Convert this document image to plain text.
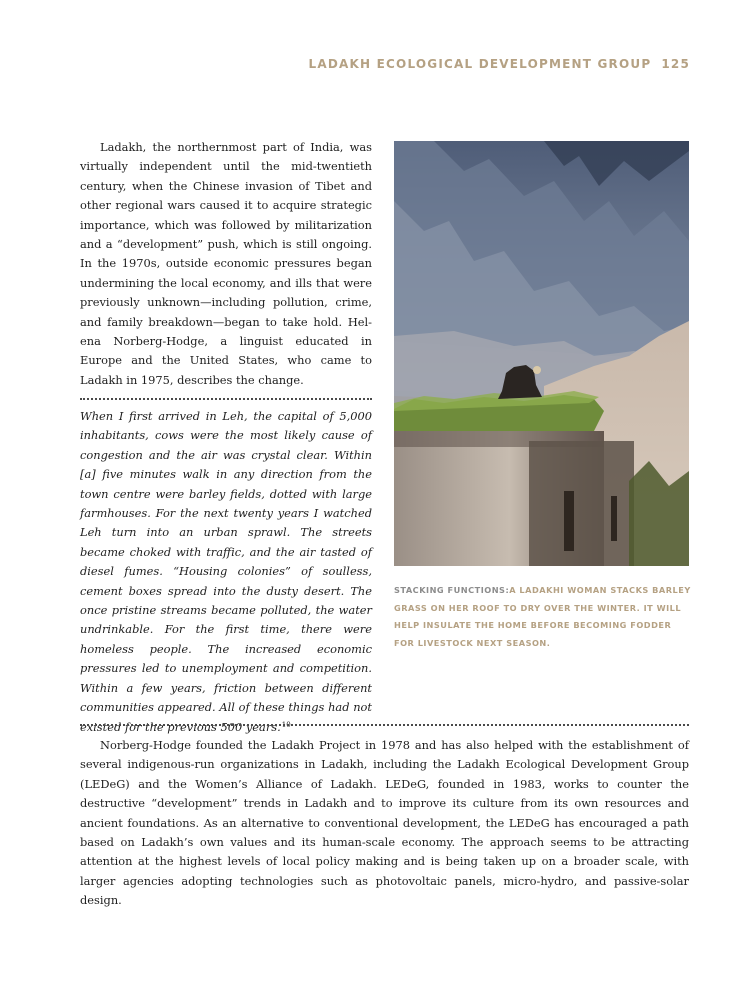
LADAKH ECOLOGICAL DEVELOPMENT GROUP 125

Ladakh, the northernmost part of India, was virtually independent until the mid-twentieth century, when the Chinese invasion of Tibet and other regional wars caused it to acquire strategic importance, which was followed by militarization and a “development” push, which is still ongoing. In the 1970s, outside economic pressures began undermining the local economy, and ills that were previously unknown—including pollution, crime, and family breakdown—began to take hold. Helena Norberg-Hodge, a linguist educated in Europe and the United States, who came to Ladakh in 1975, describes the change.

When I first arrived in Leh, the capital of 5,000 inhabitants, cows were the most likely cause of congestion and the air was crystal clear. Within [a] five minutes walk in any direction from the town centre were barley fields, dotted with large farmhouses. For the next twenty years I watched Leh turn into an urban sprawl. The streets became choked with traffic, and the air tasted of diesel fumes. “Housing colonies” of soulless, cement boxes spread into the dusty desert. The once pristine streams became polluted, the water undrinkable. For the first time, there were homeless people. The increased economic pressures led to unemployment and competition. Within a few years, friction between different communities appeared. All of these things had not existed for the previous 500 years.$^{10}$

STACKING FUNCTIONS:A LADAKHI WOMAN STACKS BARLEY GRASS ON HER ROOF TO DRY OVER THE WINTER. IT WILL HELP INSULATE THE HOME BEFORE BECOMING FODDER FOR LIVESTOCK NEXT SEASON.

Norberg-Hodge founded the Ladakh Project in 1978 and has also helped with the establishment of several indigenous-run organizations in Ladakh, including the Ladakh Ecological Development Group (LEDeG) and the Women’s Alliance of Ladakh. LEDeG, founded in 1983, works to counter the destructive “development” trends in Ladakh and to improve its culture from its own resources and ancient foundations. As an alternative to conventional development, the LEDeG has encouraged a path based on Ladakh’s own values and its human-scale economy. The approach seems to be attracting attention at the highest levels of local policy making and is being taken up on a broader scale, with larger agencies adopting technologies such as photovoltaic panels, micro-hydro, and passive-solar design.
